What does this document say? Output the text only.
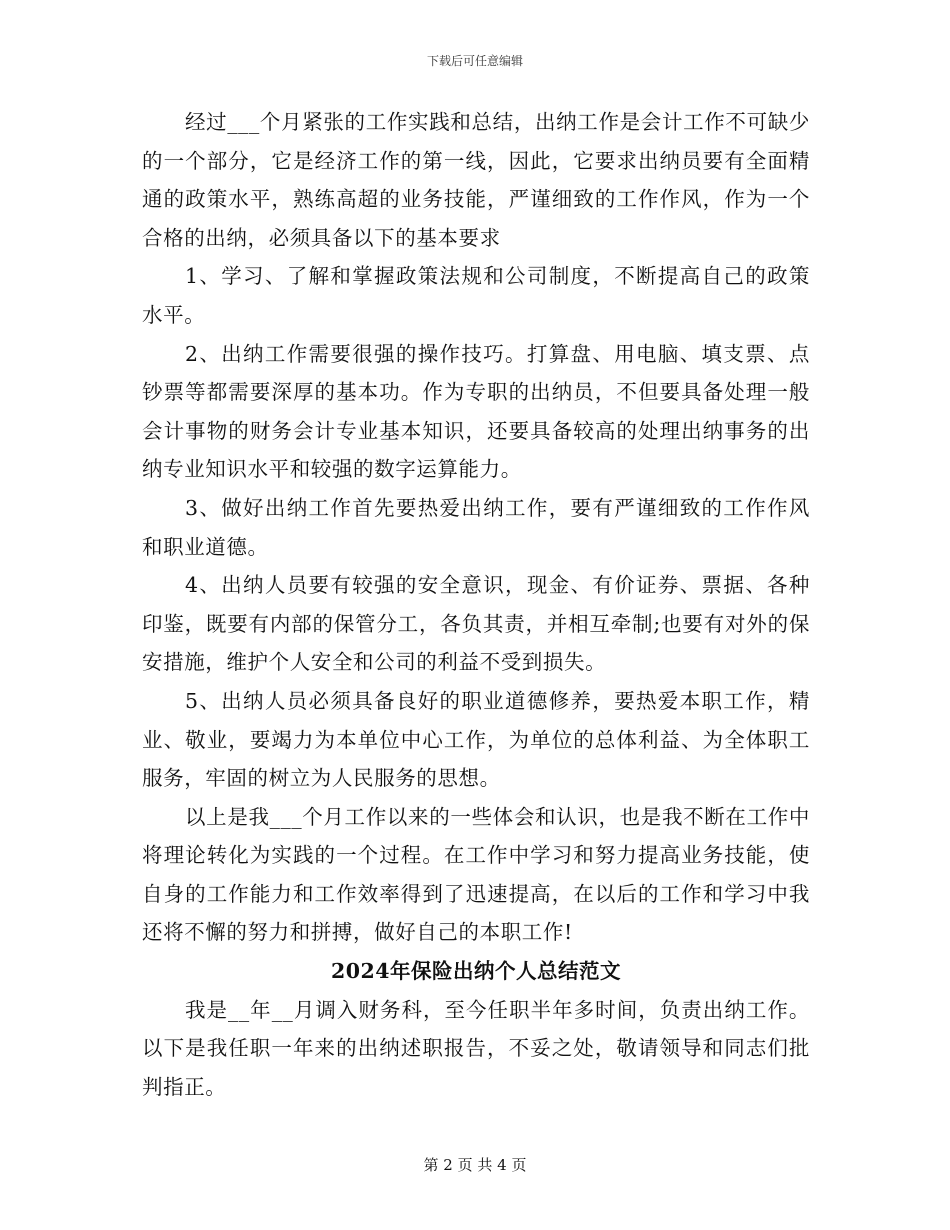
下载后可任意编辑

经过___个月紧张的工作实践和总结，出纳工作是会计工作不可缺少的一个部分，它是经济工作的第一线，因此，它要求出纳员要有全面精通的政策水平，熟练高超的业务技能，严谨细致的工作作风，作为一个合格的出纳，必须具备以下的基本要求

1、学习、了解和掌握政策法规和公司制度，不断提高自己的政策水平。

2、出纳工作需要很强的操作技巧。打算盘、用电脑、填支票、点钞票等都需要深厚的基本功。作为专职的出纳员，不但要具备处理一般会计事物的财务会计专业基本知识，还要具备较高的处理出纳事务的出纳专业知识水平和较强的数字运算能力。

3、做好出纳工作首先要热爱出纳工作，要有严谨细致的工作作风和职业道德。

4、出纳人员要有较强的安全意识，现金、有价证券、票据、各种印鉴，既要有内部的保管分工，各负其责，并相互牵制;也要有对外的保安措施，维护个人安全和公司的利益不受到损失。

5、出纳人员必须具备良好的职业道德修养，要热爱本职工作，精业、敬业，要竭力为本单位中心工作，为单位的总体利益、为全体职工服务，牢固的树立为人民服务的思想。

以上是我___个月工作以来的一些体会和认识，也是我不断在工作中将理论转化为实践的一个过程。在工作中学习和努力提高业务技能，使自身的工作能力和工作效率得到了迅速提高，在以后的工作和学习中我还将不懈的努力和拼搏，做好自己的本职工作!

2024年保险出纳个人总结范文

我是__年__月调入财务科，至今任职半年多时间，负责出纳工作。以下是我任职一年来的出纳述职报告，不妥之处，敬请领导和同志们批判指正。

第 2 页 共 4 页
